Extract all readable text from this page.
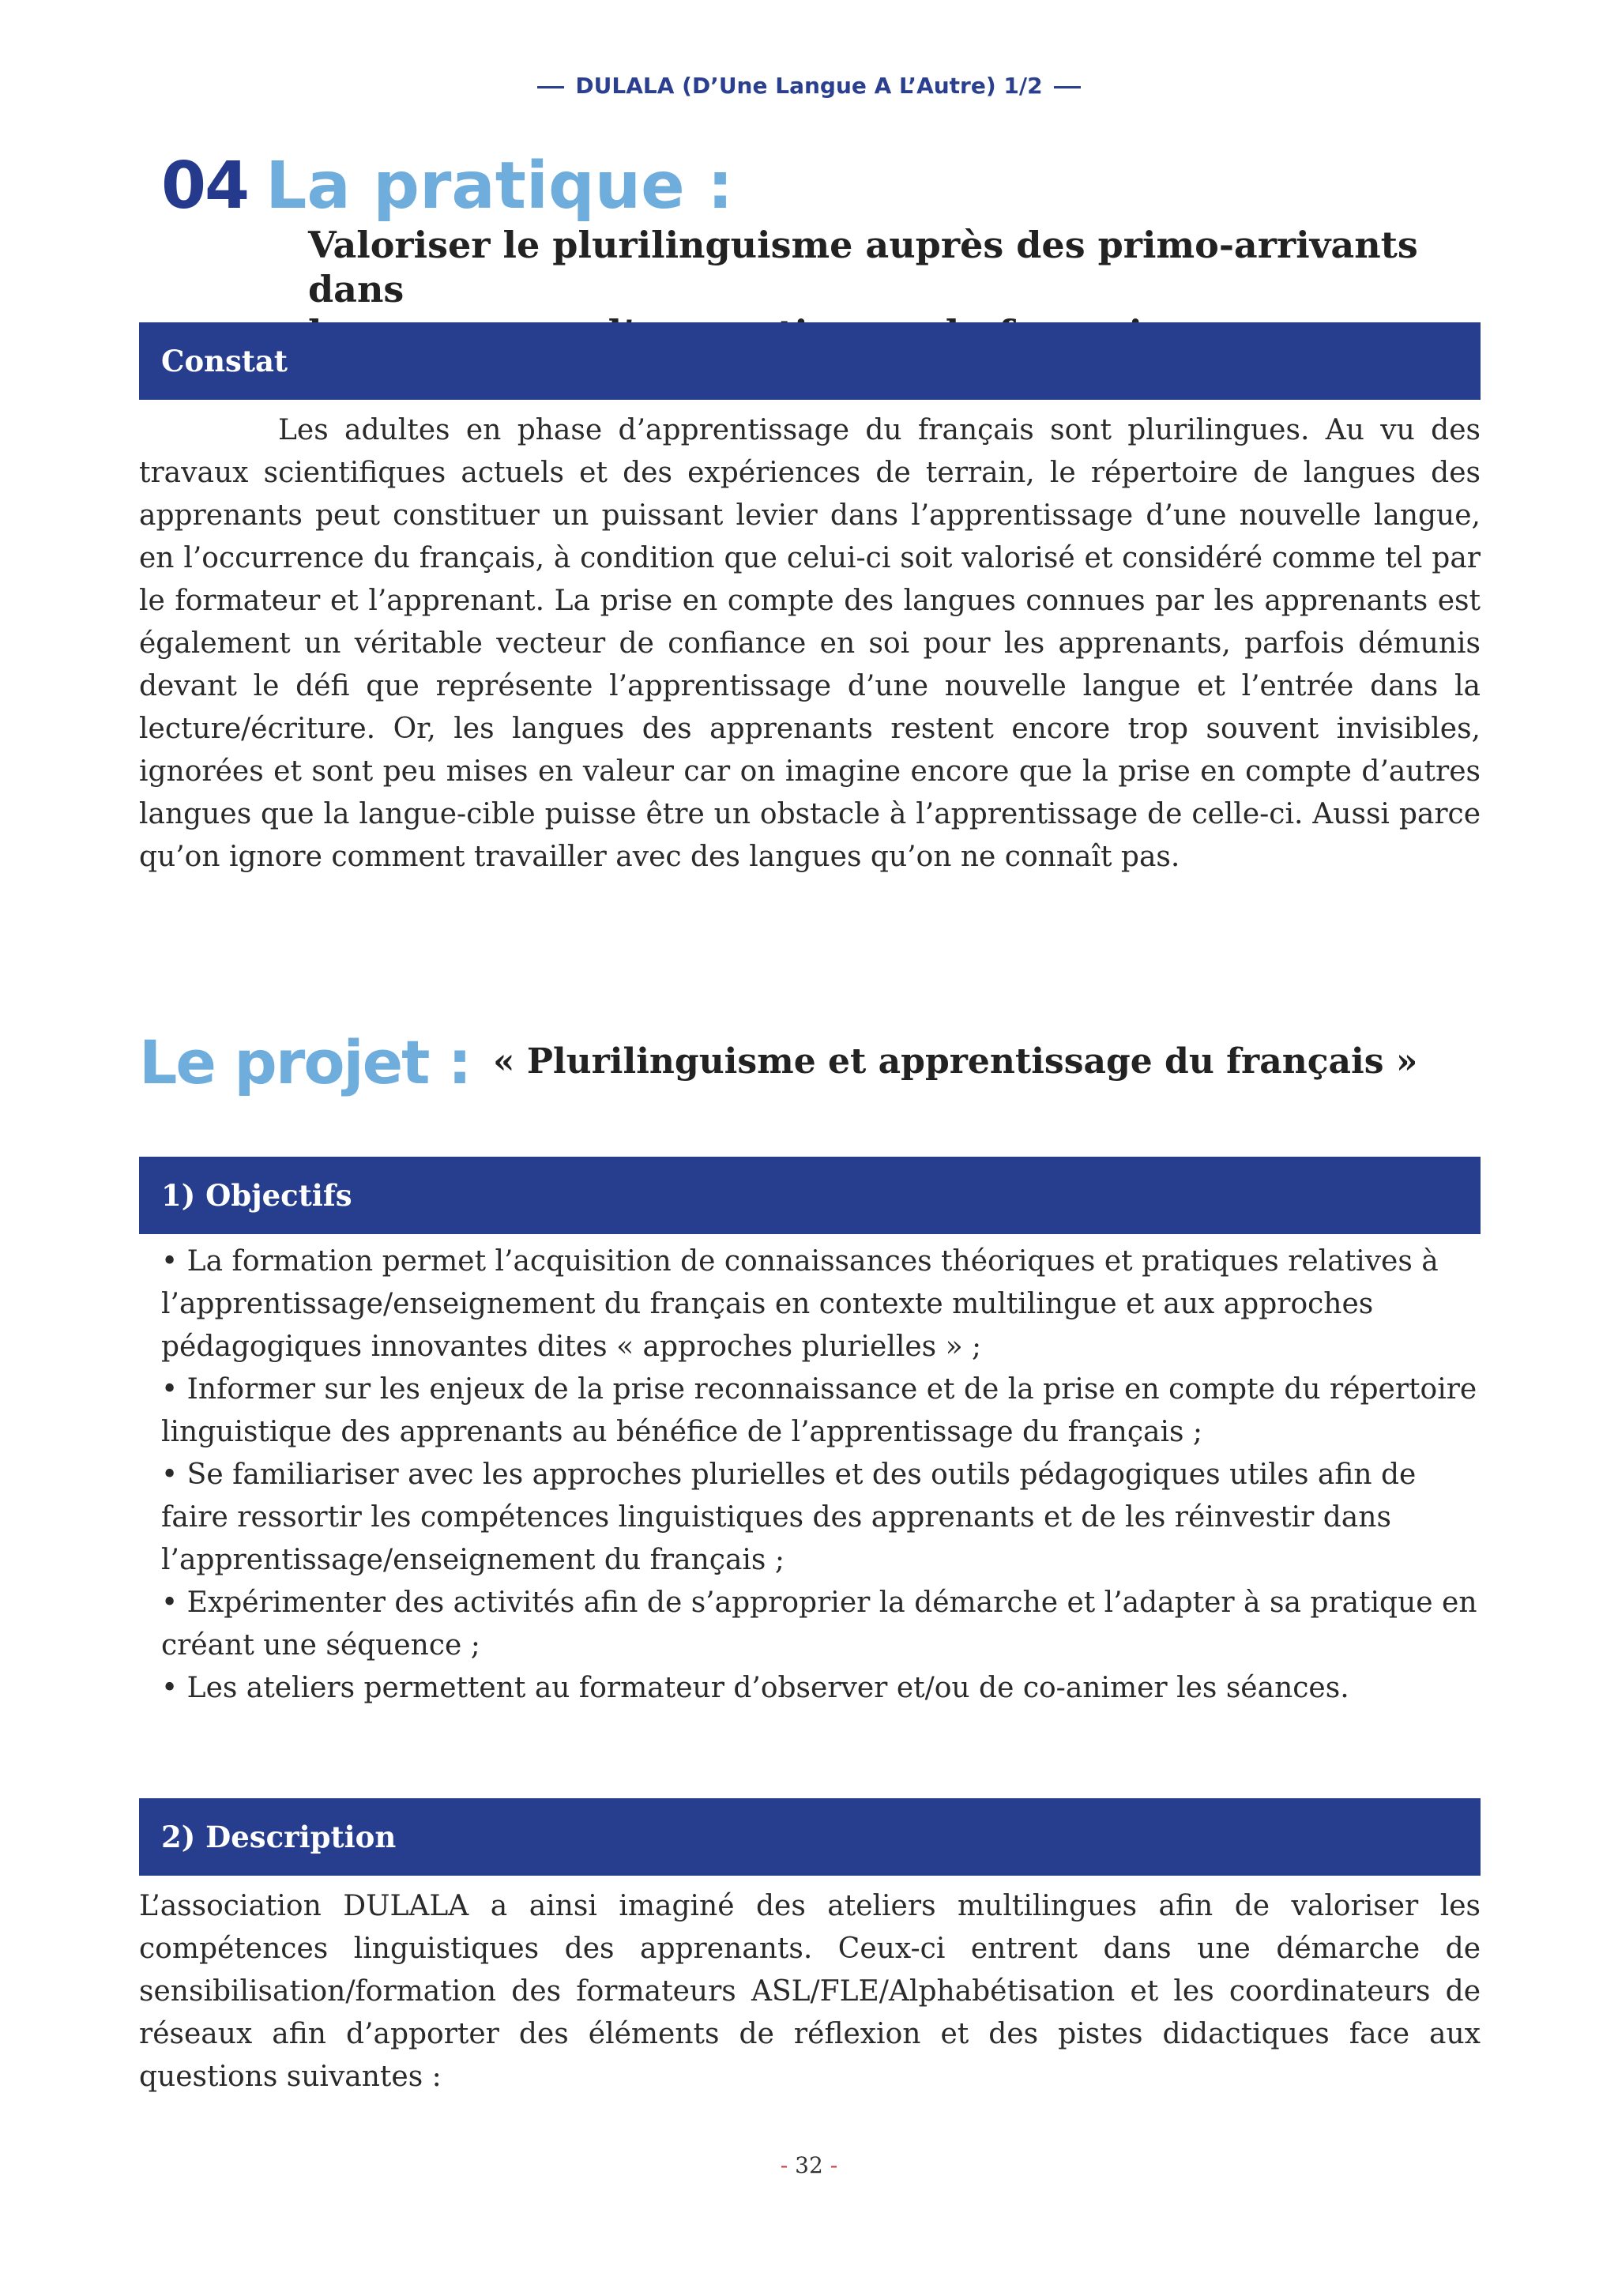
DULALA (D’Une Langue A L’Autre) 1/2
04 La pratique :
Valoriser le plurilinguisme auprès des primo-arrivants dans
Constat

Les adultes en phase d’apprentissage du français sont plurilingues. Au vu des travaux scientifiques actuels et des expériences de terrain, le répertoire de langues des apprenants peut constituer un puissant levier dans l’apprentissage d’une nouvelle langue, en l’occurrence du français, à condition que celui-ci soit valorisé et considéré comme tel par le formateur et l’apprenant. La prise en compte des langues connues par les apprenants est également un véritable vecteur de confiance en soi pour les apprenants, parfois démunis devant le défi que représente l’apprentissage d’une nouvelle langue et l’entrée dans la lecture/écriture. Or, les langues des apprenants restent encore trop souvent invisibles, ignorées et sont peu mises en valeur car on imagine encore que la prise en compte d’autres langues que la langue-cible puisse être un obstacle à l’apprentissage de celle-ci. Aussi parce qu’on ignore comment travailler avec des langues qu’on ne connaît pas.

Le projet : « Plurilinguisme et apprentissage du français »
1) Objectifs

• La formation permet l’acquisition de connaissances théoriques et pratiques relatives à l’apprentissage/enseignement du français en contexte multilingue et aux approches pédagogiques innovantes dites « approches plurielles » ;

• Informer sur les enjeux de la prise reconnaissance et de la prise en compte du répertoire linguistique des apprenants au bénéfice de l’apprentissage du français ;

• Se familiariser avec les approches plurielles et des outils pédagogiques utiles afin de faire ressortir les compétences linguistiques des apprenants et de les réinvestir dans l’apprentissage/enseignement du français ;

• Expérimenter des activités afin de s’approprier la démarche et l’adapter à sa pratique en créant une séquence ;

• Les ateliers permettent au formateur d’observer et/ou de co-animer les séances.

2) Description

L’association DULALA a ainsi imaginé des ateliers multilingues afin de valoriser les compétences linguistiques des apprenants. Ceux-ci entrent dans une démarche de sensibilisation/formation des formateurs ASL/FLE/Alphabétisation et les coordinateurs de réseaux afin d’apporter des éléments de réflexion et des pistes didactiques face aux questions suivantes :

- 32 -
